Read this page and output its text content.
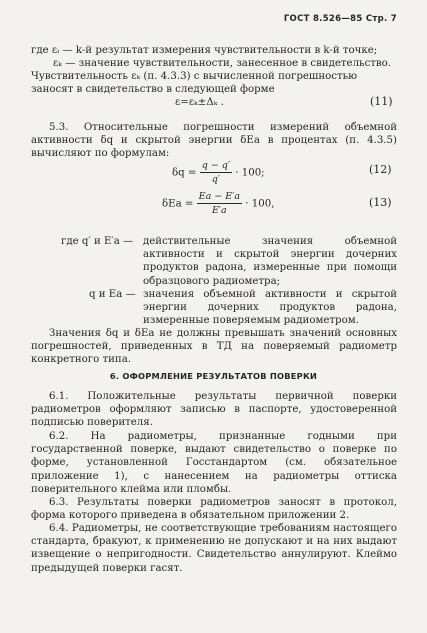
ГОСТ 8.526—85 Стр. 7
где εᵢ — k-й результат измерения чувствительности в k-й точке;
εₖ — значение чувствительности, занесенное в свидетельство.
Чувствительность εₖ (п. 4.3.3) с вычисленной погрешностью
заносят в свидетельство в следующей форме
ε=εₖ±Δₖ .	(11)
5.3. Относительные погрешности измерений объемной активности δq и скрытой энергии δEa в процентах (п. 4.3.5) вычисляют по формулам:
$\delta q = \frac{q - q'}{q'} \cdot 100$;	(12)
$\delta Ea = \frac{Ea - E'a}{E'a} \cdot 100$,	(13)
где q′ и E′a — действительные значения объемной активности и скрытой энергии дочерних продуктов радона, измеренные при помощи образцового радиометра;
q и Ea — значения объемной активности и скрытой энергии дочерних продуктов радона, измеренные поверяемым радиометром.
Значения δq и δEa не должны превышать значений основных погрешностей, приведенных в ТД на поверяемый радиометр конкретного типа.
6. ОФОРМЛЕНИЕ РЕЗУЛЬТАТОВ ПОВЕРКИ
6.1. Положительные результаты первичной поверки радиометров оформляют записью в паспорте, удостоверенной подписью поверителя.
6.2. На радиометры, признанные годными при государственной поверке, выдают свидетельство о поверке по форме, установленной Госстандартом (см. обязательное приложение 1), с нанесением на радиометры оттиска поверительного клейма или пломбы.
6.3. Результаты поверки радиометров заносят в протокол, форма которого приведена в обязательном приложении 2.
6.4. Радиометры, не соответствующие требованиям настоящего стандарта, бракуют, к применению не допускают и на них выдают извещение о непригодности. Свидетельство аннулируют. Клеймо предыдущей поверки гасят.
